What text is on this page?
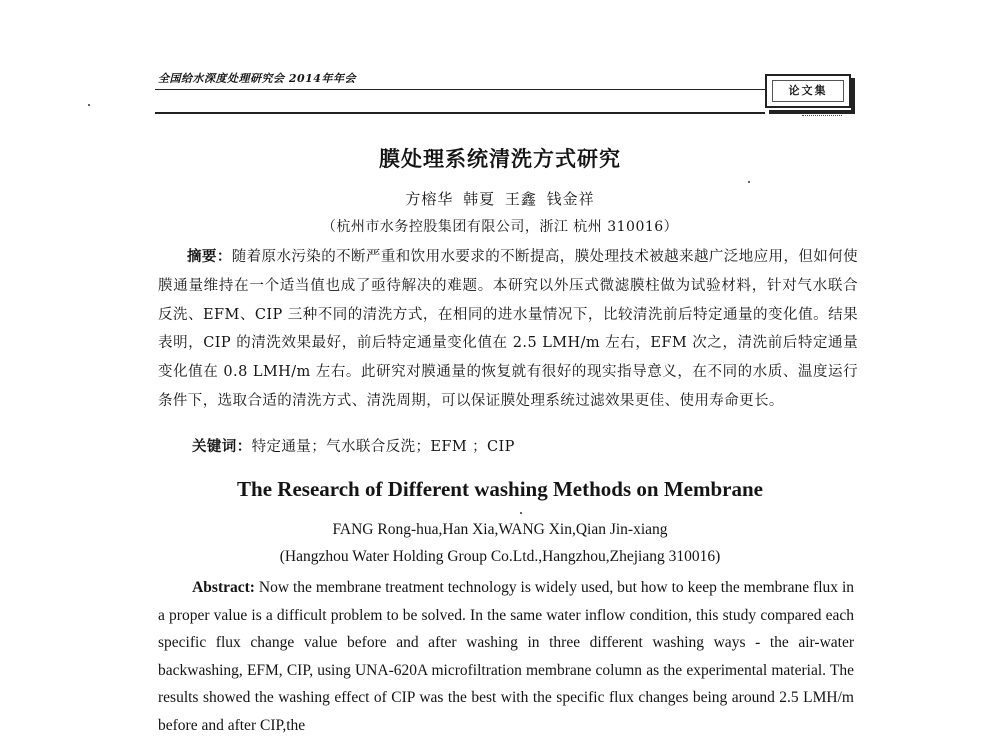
全国给水深度处理研究会 2014年年会
论文集
膜处理系统清洗方式研究
方榕华 韩夏 王鑫 钱金祥
（杭州市水务控股集团有限公司，浙江 杭州 310016）
摘要：随着原水污染的不断严重和饮用水要求的不断提高，膜处理技术被越来越广泛地应用，但如何使膜通量维持在一个适当值也成了亟待解决的难题。本研究以外压式微滤膜柱做为试验材料，针对气水联合反洗、EFM、CIP 三种不同的清洗方式，在相同的进水量情况下，比较清洗前后特定通量的变化值。结果表明，CIP 的清洗效果最好，前后特定通量变化值在 2.5 LMH/m 左右，EFM 次之，清洗前后特定通量变化值在 0.8 LMH/m 左右。此研究对膜通量的恢复就有很好的现实指导意义，在不同的水质、温度运行条件下，选取合适的清洗方式、清洗周期，可以保证膜处理系统过滤效果更佳、使用寿命更长。
关键词：特定通量；气水联合反洗；EFM ；CIP
The Research of Different washing Methods on Membrane
FANG Rong-hua,Han Xia,WANG Xin,Qian Jin-xiang
(Hangzhou Water Holding Group Co.Ltd.,Hangzhou,Zhejiang 310016)
Abstract: Now the membrane treatment technology is widely used, but how to keep the membrane flux in a proper value is a difficult problem to be solved. In the same water inflow condition, this study compared each specific flux change value before and after washing in three different washing ways - the air-water backwashing, EFM, CIP, using UNA-620A microfiltration membrane column as the experimental material. The results showed the washing effect of CIP was the best with the specific flux changes being around 2.5 LMH/m before and after CIP,the
